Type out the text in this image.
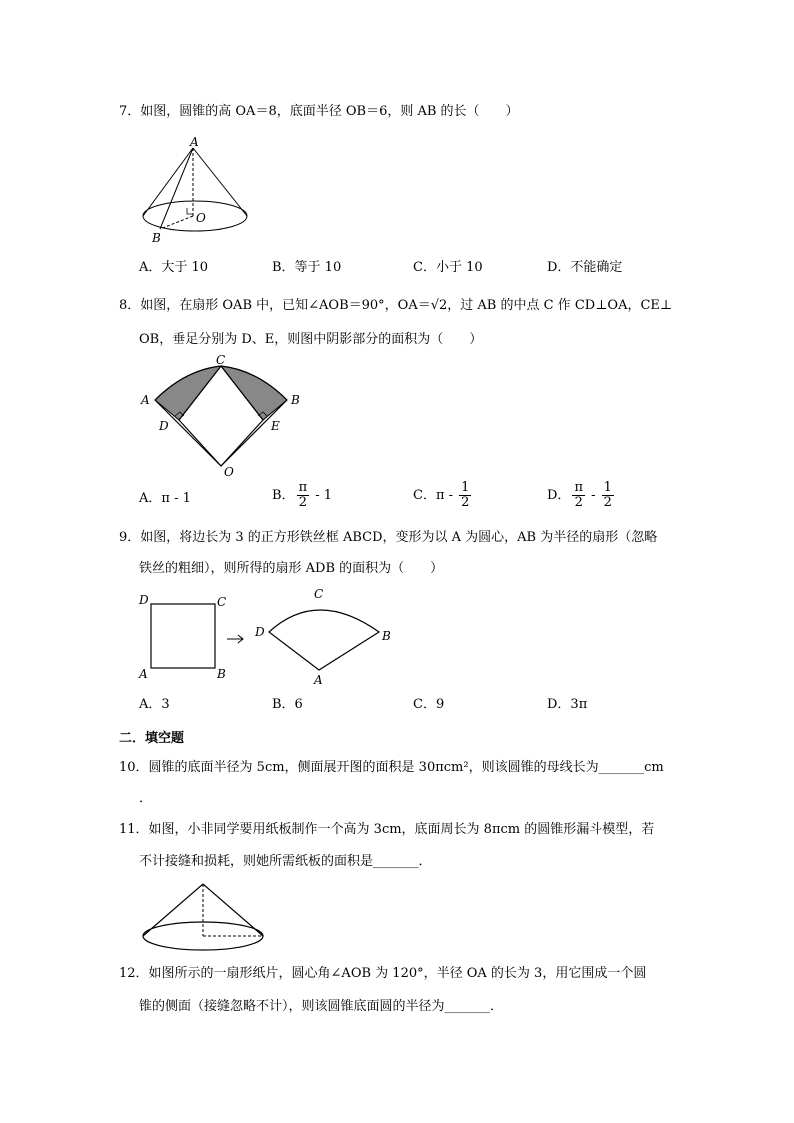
7．如图，圆锥的高 OA＝8，底面半径 OB＝6，则 AB 的长（　　）
A
O
B
A．大于 10	B．等于 10	C．小于 10	D．不能确定
8．如图，在扇形 OAB 中，已知∠AOB＝90°，OA＝√2，过 AB 的中点 C 作 CD⊥OA，CE⊥
OB，垂足分别为 D、E，则图中阴影部分的面积为（　　）
C
A	B
D	E
O
A．π - 1	B． $\frac{\pi}{2} - 1$	C．π - $\frac{1}{2}$	D． $\frac{\pi}{2} - \frac{1}{2}$
9．如图，将边长为 3 的正方形铁丝框 ABCD，变形为以 A 为圆心，AB 为半径的扇形（忽略
铁丝的粗细），则所得的扇形 ADB 的面积为（　　）
D	C
A	B
C
D	B
A
A．3	B．6	C．9	D．3π
二．填空题
10．圆锥的底面半径为 5cm，侧面展开图的面积是 30πcm²，则该圆锥的母线长为_______cm
．
11．如图，小非同学要用纸板制作一个高为 3cm，底面周长为 8πcm 的圆锥形漏斗模型，若
不计接缝和损耗，则她所需纸板的面积是_______．
12．如图所示的一扇形纸片，圆心角∠AOB 为 120°，半径 OA 的长为 3，用它围成一个圆
锥的侧面（接缝忽略不计），则该圆锥底面圆的半径为_______．
